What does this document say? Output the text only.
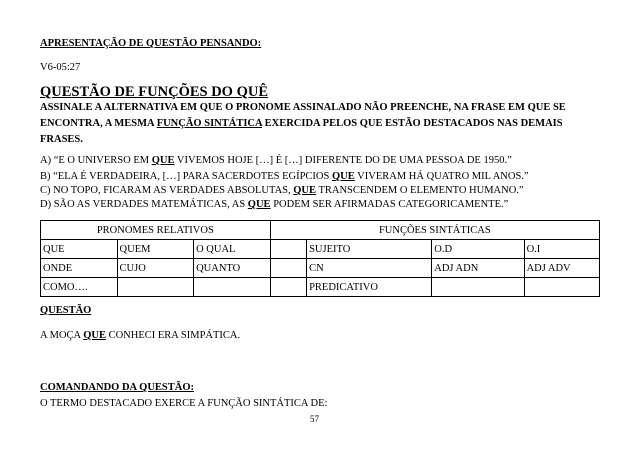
APRESENTAÇÃO DE QUESTÃO PENSANDO:
V6-05:27
QUESTÃO DE FUNÇÕES DO QUÊ
ASSINALE A ALTERNATIVA EM QUE O PRONOME ASSINALADO NÃO PREENCHE, NA FRASE EM QUE SE ENCONTRA, A MESMA FUNÇÃO SINTÁTICA EXERCIDA PELOS QUE ESTÃO DESTACADOS NAS DEMAIS FRASES.
A) “E O UNIVERSO EM QUE VIVEMOS HOJE […] É […] DIFERENTE DO DE UMA PESSOA DE 1950.”
B) “ELA É VERDADEIRA, […] PARA SACERDOTES EGÍPCIOS QUE VIVERAM HÁ QUATRO MIL ANOS.”
C) NO TOPO, FICARAM AS VERDADES ABSOLUTAS, QUE TRANSCENDEM O ELEMENTO HUMANO.”
D) SÃO AS VERDADES MATEMÁTICAS, AS QUE PODEM SER AFIRMADAS CATEGORICAMENTE.”
PRONOMES RELATIVOS			FUNÇÕES SINTÁTICAS			
QUE	QUEM	O QUAL		SUJEITO	O.D	O.I
ONDE	CUJO	QUANTO		CN	ADJ ADN	ADJ ADV
COMO….				PREDICATIVO		
QUESTÃO
A MOÇA QUE CONHECI ERA SIMPÁTICA.
COMANDANDO DA QUESTÃO:
O TERMO DESTACADO EXERCE A FUNÇÃO SINTÁTICA DE:
57
